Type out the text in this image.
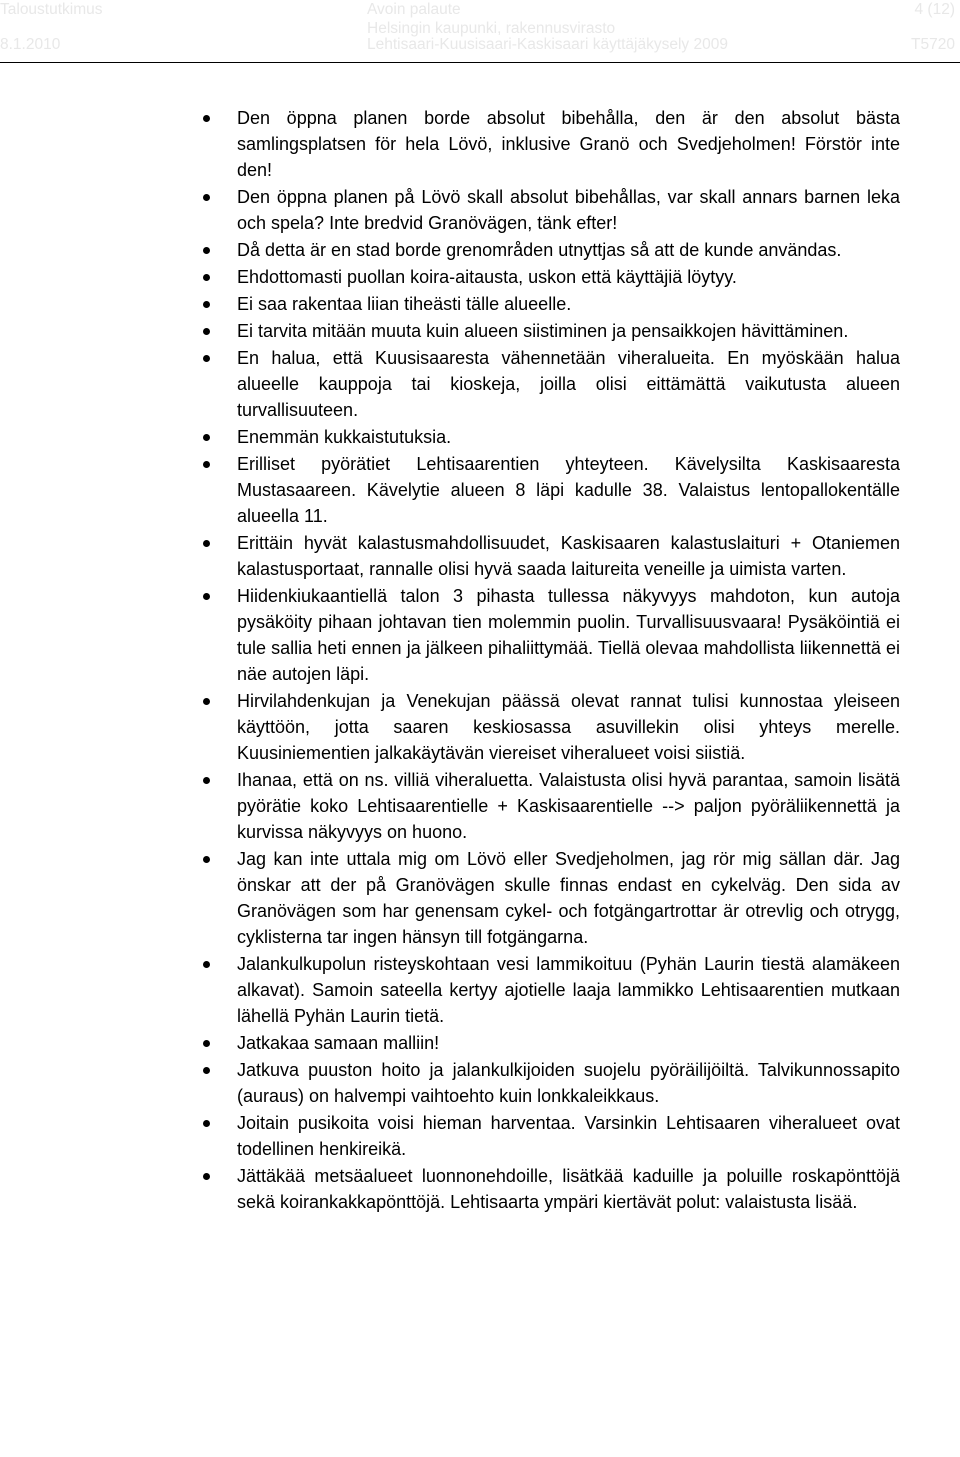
Taloustutkimus
8.1.2010
Avoin palaute
Helsingin kaupunki, rakennusvirasto
Lehtisaari-Kuusisaari-Kaskisaari käyttäjäkysely 2009
4 (12)
T5720
Den öppna planen borde absolut bibehålla, den är den absolut bästa samlingsplatsen för hela Lövö, inklusive Granö och Svedjeholmen! Förstör inte den!
Den öppna planen på Lövö skall absolut bibehållas, var skall annars barnen leka och spela? Inte bredvid Granövägen, tänk efter!
Då detta är en stad borde grenområden utnyttjas så att de kunde användas.
Ehdottomasti puollan koira-aitausta, uskon että käyttäjiä löytyy.
Ei saa rakentaa liian tiheästi tälle alueelle.
Ei tarvita mitään muuta kuin alueen siistiminen ja pensaikkojen hävittäminen.
En halua, että Kuusisaaresta vähennetään viheralueita. En myöskään halua alueelle kauppoja tai kioskeja, joilla olisi eittämättä vaikutusta alueen turvallisuuteen.
Enemmän kukkaistutuksia.
Erilliset pyörätiet Lehtisaarentien yhteyteen. Kävelysilta Kaskisaaresta Mustasaareen. Kävelytie alueen 8 läpi kadulle 38. Valaistus lentopallokentälle alueella 11.
Erittäin hyvät kalastusmahdollisuudet, Kaskisaaren kalastuslaituri + Otaniemen kalastusportaat, rannalle olisi hyvä saada laitureita veneille ja uimista varten.
Hiidenkiukaantiellä talon 3 pihasta tullessa näkyvyys mahdoton, kun autoja pysäköity pihaan johtavan tien molemmin puolin. Turvallisuusvaara! Pysäköintiä ei tule sallia heti ennen ja jälkeen pihaliittymää. Tiellä olevaa mahdollista liikennettä ei näe autojen läpi.
Hirvilahdenkujan ja Venekujan päässä olevat rannat tulisi kunnostaa yleiseen käyttöön, jotta saaren keskiosassa asuvillekin olisi yhteys merelle. Kuusiniementien jalkakäytävän viereiset viheralueet voisi siistiä.
Ihanaa, että on ns. villiä viheraluetta. Valaistusta olisi hyvä parantaa, samoin lisätä pyörätie koko Lehtisaarentielle + Kaskisaarentielle --> paljon pyöräliikennettä ja kurvissa näkyvyys on huono.
Jag kan inte uttala mig om Lövö eller Svedjeholmen, jag rör mig sällan där. Jag önskar att der på Granövägen skulle finnas endast en cykelväg. Den sida av Granövägen som har genensam cykel- och fotgängartrottar är otrevlig och otrygg, cyklisterna tar ingen hänsyn till fotgängarna.
Jalankulkupolun risteyskohtaan vesi lammikoituu (Pyhän Laurin tiestä alamäkeen alkavat). Samoin sateella kertyy ajotielle laaja lammikko Lehtisaarentien mutkaan lähellä Pyhän Laurin tietä.
Jatkakaa samaan malliin!
Jatkuva puuston hoito ja jalankulkijoiden suojelu pyöräilijöiltä. Talvikunnossapito (auraus) on halvempi vaihtoehto kuin lonkkaleikkaus.
Joitain pusikoita voisi hieman harventaa. Varsinkin Lehtisaaren viheralueet ovat todellinen henkireikä.
Jättäkää metsäalueet luonnonehdoille, lisätkää kaduille ja poluille roskapönttöjä sekä koirankakkapönttöjä. Lehtisaarta ympäri kiertävät polut: valaistusta lisää.
